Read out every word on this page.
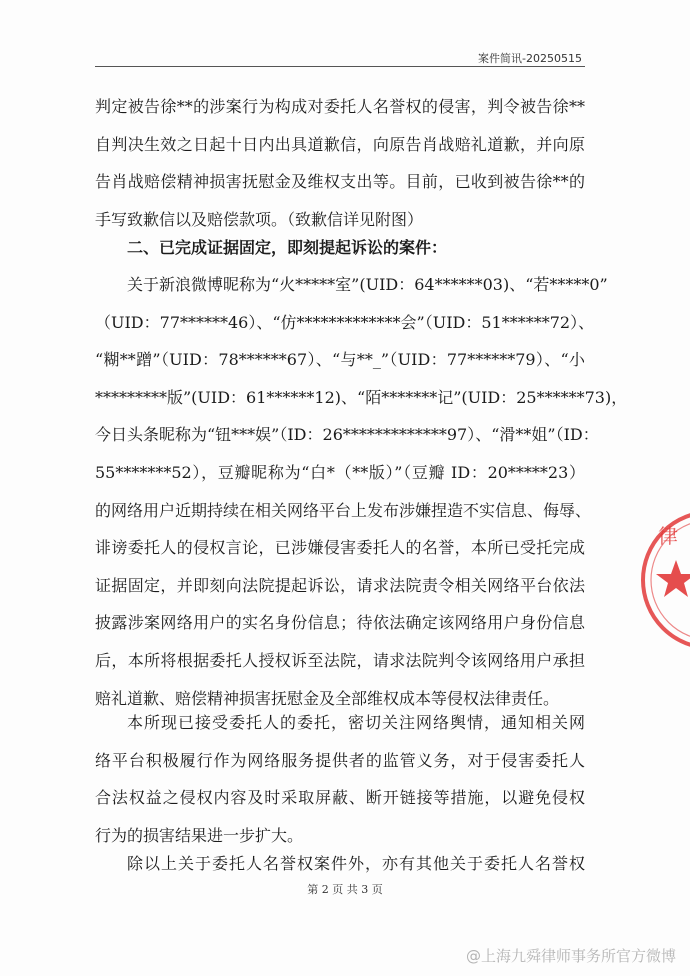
案件简讯-20250515
判定被告徐**的涉案行为构成对委托人名誉权的侵害，判令被告徐**
自判决生效之日起十日内出具道歉信，向原告肖战赔礼道歉，并向原
告肖战赔偿精神损害抚慰金及维权支出等。目前，已收到被告徐**的
手写致歉信以及赔偿款项。（致歉信详见附图）
二、已完成证据固定，即刻提起诉讼的案件：
关于新浪微博昵称为“火*****室”(UID：64******03)、“若*****0”
（UID：77******46）、“仿*************会”（UID：51******72）、
“糊**蹭”（UID：78******67）、“与**_”（UID：77******79）、“小
*********版”(UID：61******12)、“陌*******记”(UID：25******73)，
今日头条昵称为“钮***娱”（ID：26*************97）、“滑**姐”（ID：
55*******52），豆瓣昵称为“白*（**版）”（豆瓣 ID：20*****23）
的网络用户近期持续在相关网络平台上发布涉嫌捏造不实信息、侮辱、
诽谤委托人的侵权言论，已涉嫌侵害委托人的名誉，本所已受托完成
证据固定，并即刻向法院提起诉讼，请求法院责令相关网络平台依法
披露涉案网络用户的实名身份信息；待依法确定该网络用户身份信息
后，本所将根据委托人授权诉至法院，请求法院判令该网络用户承担
赔礼道歉、赔偿精神损害抚慰金及全部维权成本等侵权法律责任。
本所现已接受委托人的委托，密切关注网络舆情，通知相关网
络平台积极履行作为网络服务提供者的监管义务，对于侵害委托人
合法权益之侵权内容及时采取屏蔽、断开链接等措施，以避免侵权
行为的损害结果进一步扩大。
除以上关于委托人名誉权案件外，亦有其他关于委托人名誉权
第 2 页 共 3 页
律
@上海九舜律师事务所官方微博
